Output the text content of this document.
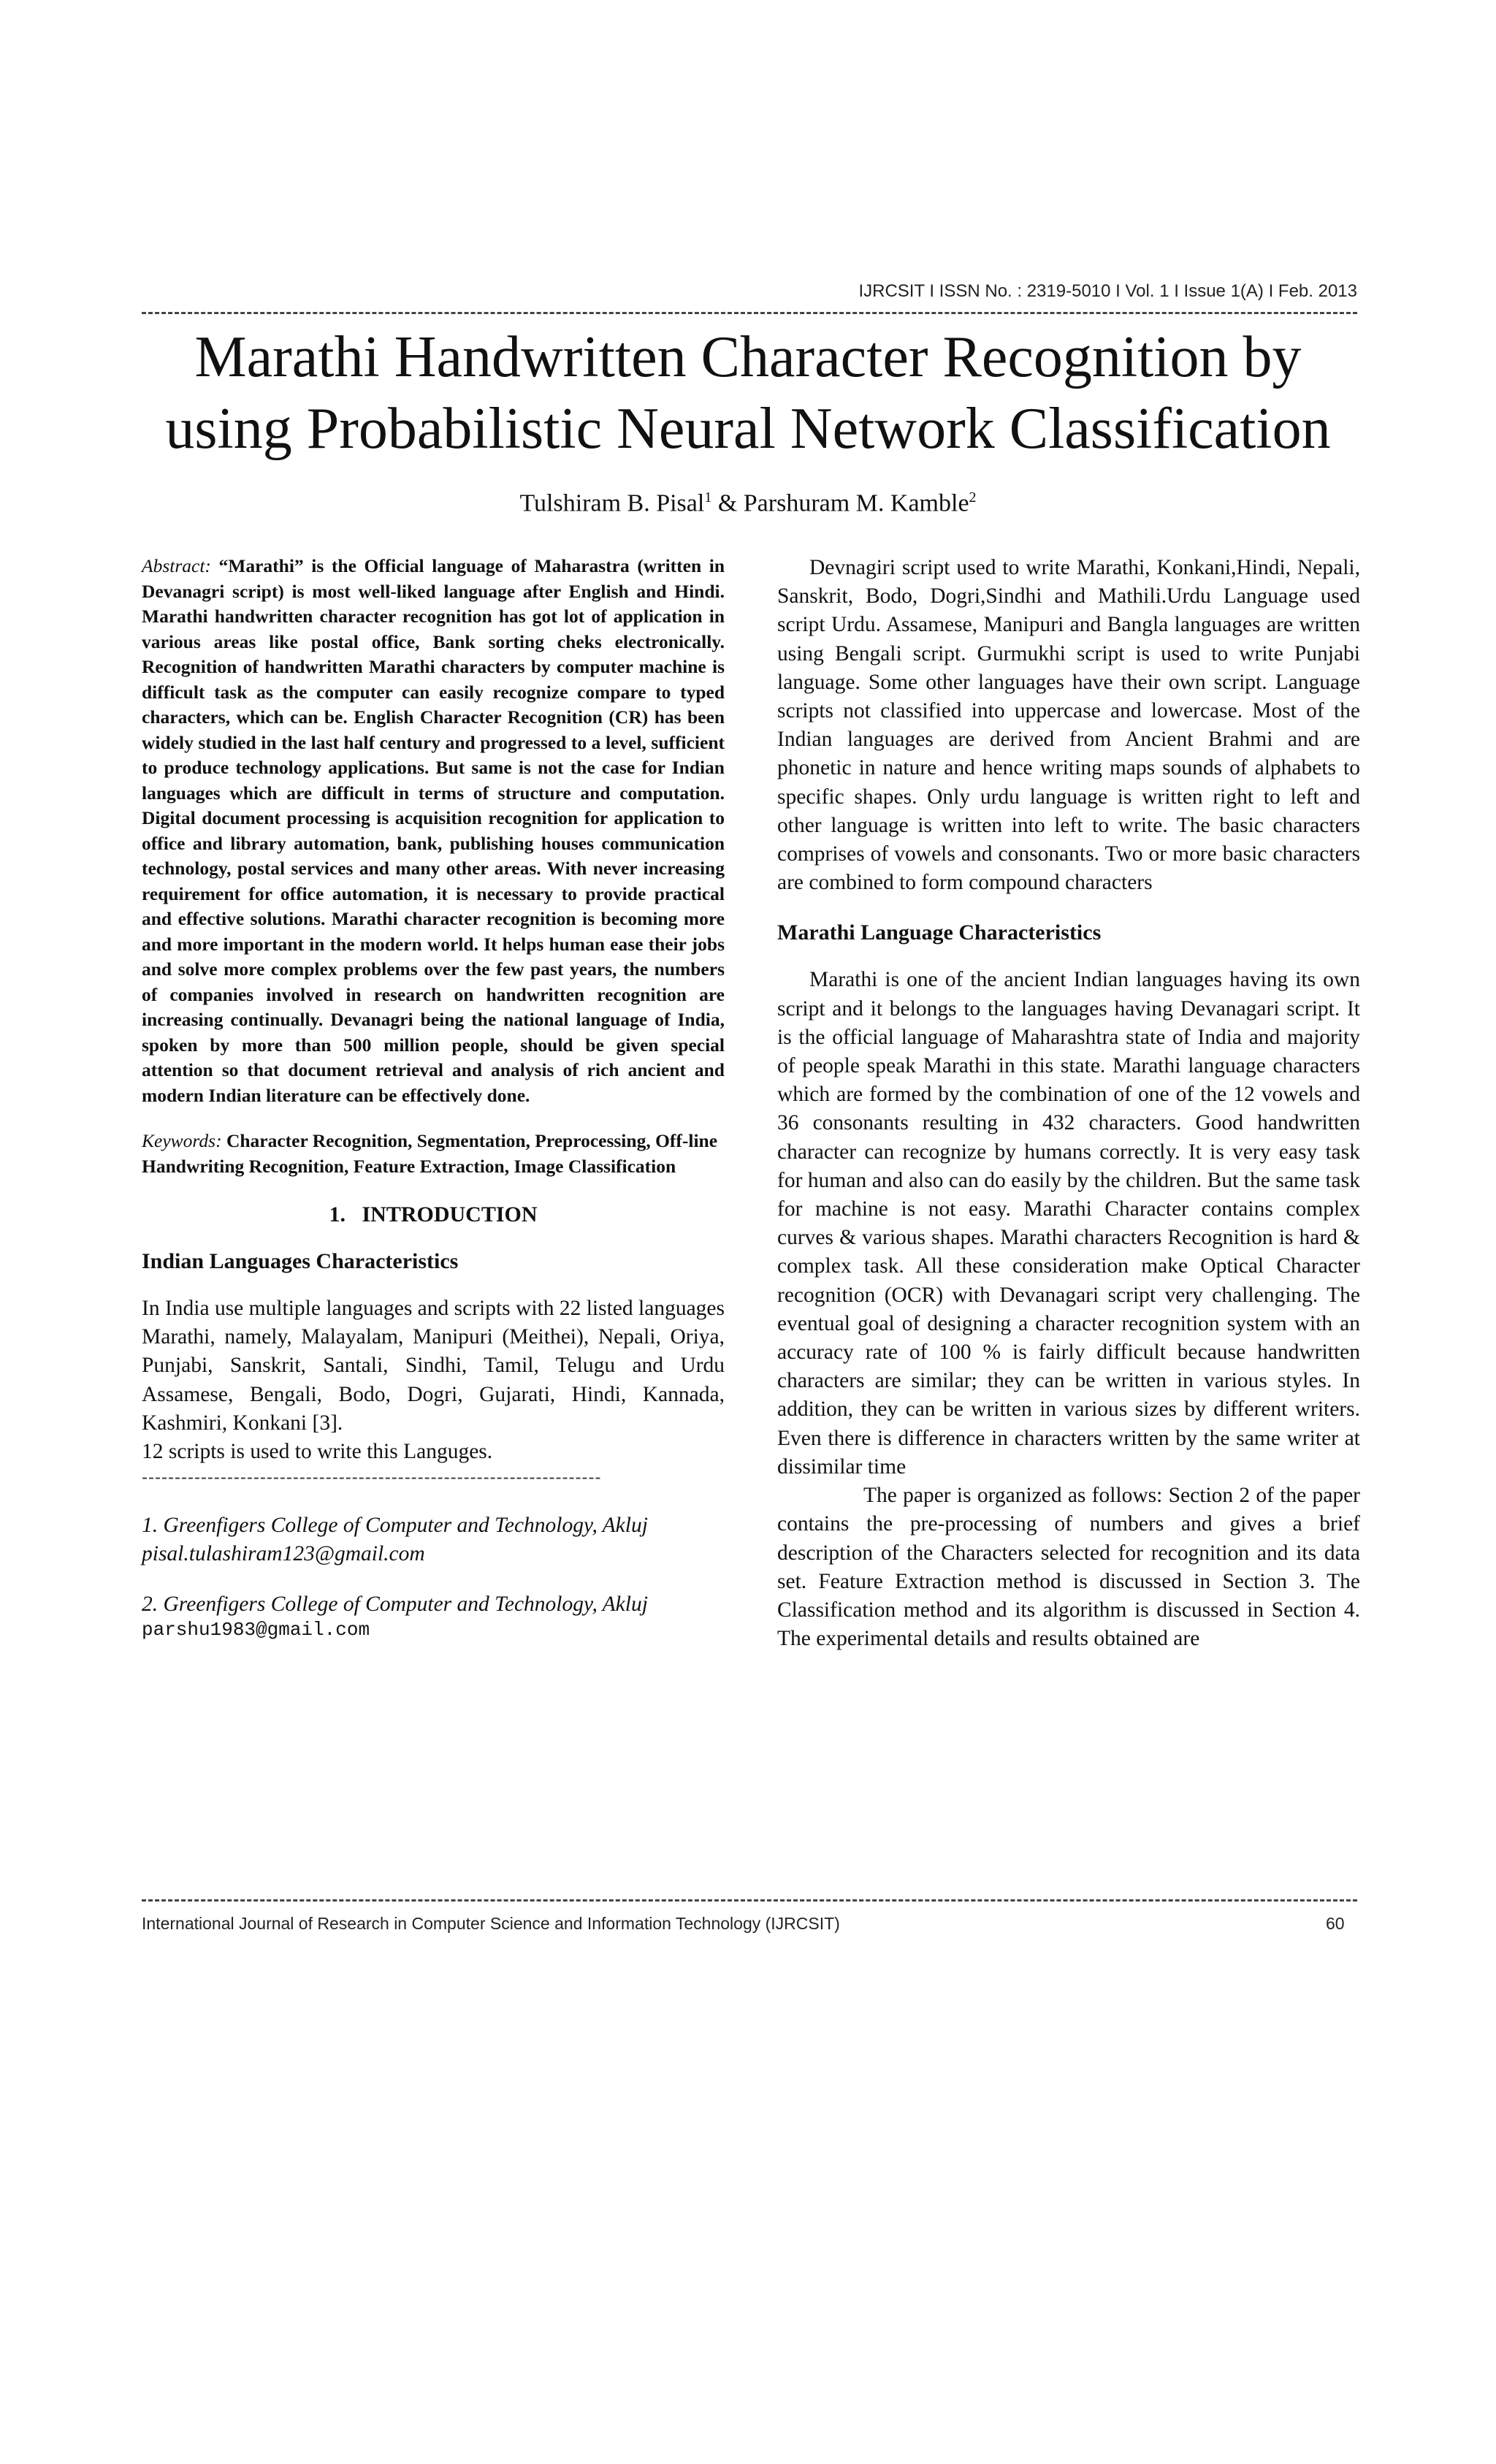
IJRCSIT I ISSN No. : 2319-5010 I Vol. 1 I Issue 1(A) I Feb. 2013
Marathi Handwritten Character Recognition by
using Probabilistic Neural Network Classification
Tulshiram B. Pisal$^1$ & Parshuram M. Kamble$^2$

Abstract: “Marathi” is the Official language of Maharastra (written in Devanagri script) is most well-liked language after English and Hindi. Marathi handwritten character recognition has got lot of application in various areas like postal office, Bank sorting cheks electronically. Recognition of handwritten Marathi characters by computer machine is difficult task as the computer can easily recognize compare to typed characters, which can be. English Character Recognition (CR) has been widely studied in the last half century and progressed to a level, sufficient to produce technology applications. But same is not the case for Indian languages which are difficult in terms of structure and computation. Digital document processing is acquisition recognition for application to office and library automation, bank, publishing houses communication technology, postal services and many other areas. With never increasing requirement for office automation, it is necessary to provide practical and effective solutions. Marathi character recognition is becoming more and more important in the modern world. It helps human ease their jobs and solve more complex problems over the few past years, the numbers of companies involved in research on handwritten recognition are increasing continually. Devanagri being the national language of India, spoken by more than 500 million people, should be given special attention so that document retrieval and analysis of rich ancient and modern Indian literature can be effectively done.

Keywords: Character Recognition, Segmentation, Preprocessing, Off-line Handwriting Recognition, Feature Extraction, Image Classification

1.   INTRODUCTION

Indian Languages Characteristics

In India use multiple languages and scripts with 22 listed languages Marathi, namely, Malayalam, Manipuri (Meithei), Nepali, Oriya, Punjabi, Sanskrit, Santali, Sindhi, Tamil, Telugu and Urdu Assamese, Bengali, Bodo, Dogri, Gujarati, Hindi, Kannada, Kashmiri, Konkani [3].

12 scripts is used to write this Languges.

----------------------------------------------------------------------

1. Greenfigers College of Computer and Technology, Akluj

pisal.tulashiram123@gmail.com

2. Greenfigers College of Computer and Technology, Akluj

parshu1983@gmail.com

Devnagiri script used to write Marathi, Konkani,Hindi, Nepali, Sanskrit, Bodo, Dogri,Sindhi and Mathili.Urdu Language used script Urdu. Assamese, Manipuri and Bangla languages are written using Bengali script. Gurmukhi script is used to write Punjabi language. Some other languages have their own script. Language scripts not classified into uppercase and lowercase. Most of the Indian languages are derived from Ancient Brahmi and are phonetic in nature and hence writing maps sounds of alphabets to specific shapes. Only urdu language is written right to left and other language is written into left to write. The basic characters comprises of vowels and consonants. Two or more basic characters are combined to form compound characters

Marathi Language Characteristics

Marathi is one of the ancient Indian languages having its own script and it belongs to the languages having Devanagari script. It is the official language of Maharashtra state of India and majority of people speak Marathi in this state. Marathi language characters which are formed by the combination of one of the 12 vowels and 36 consonants resulting in 432 characters. Good handwritten character can recognize by humans correctly. It is very easy task for human and also can do easily by the children. But the same task for machine is not easy. Marathi Character contains complex curves & various shapes. Marathi characters Recognition is hard & complex task. All these consideration make Optical Character recognition (OCR) with Devanagari script very challenging. The eventual goal of designing a character recognition system with an accuracy rate of 100 % is fairly difficult because handwritten characters are similar; they can be written in various styles. In addition, they can be written in various sizes by different writers. Even there is difference in characters written by the same writer at dissimilar time

The paper is organized as follows: Section 2 of the paper contains the pre-processing of numbers and gives a brief description of the Characters selected for recognition and its data set. Feature Extraction method is discussed in Section 3. The Classification method and its algorithm is discussed in Section 4. The experimental details and results obtained are

International Journal of Research in Computer Science and Information Technology (IJRCSIT)	60
